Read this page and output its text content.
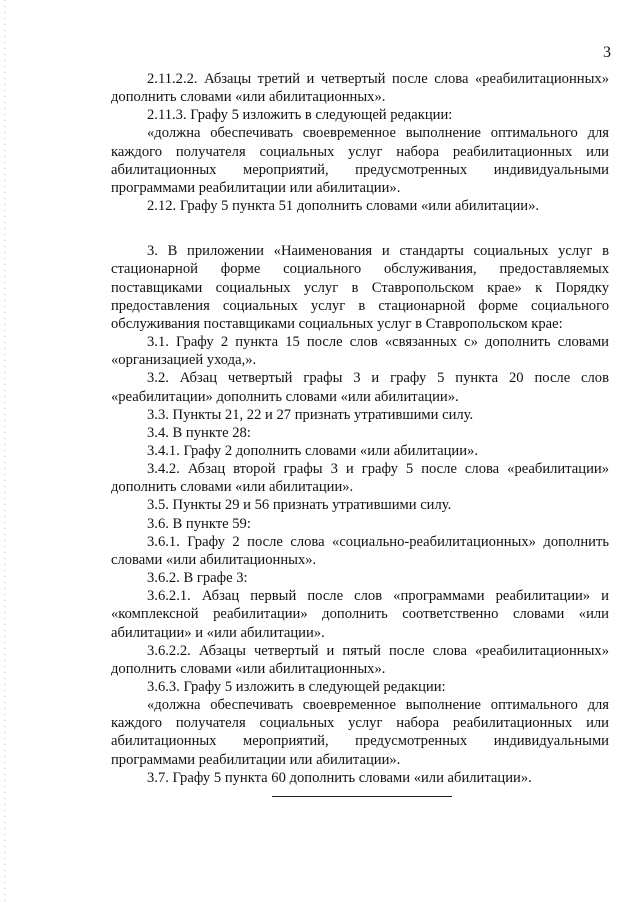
3

2.11.2.2. Абзацы третий и четвертый после слова «реабилитационных» дополнить словами «или абилитационных».

2.11.3. Графу 5 изложить в следующей редакции:

«должна обеспечивать своевременное выполнение оптимального для каждого получателя социальных услуг набора реабилитационных или абилитационных мероприятий, предусмотренных индивидуальными программами реабилитации или абилитации».

2.12. Графу 5 пункта 51 дополнить словами «или абилитации».

3. В приложении «Наименования и стандарты социальных услуг в стационарной форме социального обслуживания, предоставляемых поставщиками социальных услуг в Ставропольском крае» к Порядку предоставления социальных услуг в стационарной форме социального обслуживания поставщиками социальных услуг в Ставропольском крае:

3.1. Графу 2 пункта 15 после слов «связанных с» дополнить словами «организацией ухода,».

3.2. Абзац четвертый графы 3 и графу 5 пункта 20 после слов «реабилитации» дополнить словами «или абилитации».

3.3. Пункты 21, 22 и 27 признать утратившими силу.

3.4. В пункте 28:

3.4.1. Графу 2 дополнить словами «или абилитации».

3.4.2. Абзац второй графы 3 и графу 5 после слова «реабилитации» дополнить словами «или абилитации».

3.5. Пункты 29 и 56 признать утратившими силу.

3.6. В пункте 59:

3.6.1. Графу 2 после слова «социально-реабилитационных» дополнить словами «или абилитационных».

3.6.2. В графе 3:

3.6.2.1. Абзац первый после слов «программами реабилитации» и «комплексной реабилитации» дополнить соответственно словами «или абилитации» и «или абилитации».

3.6.2.2. Абзацы четвертый и пятый после слова «реабилитационных» дополнить словами «или абилитационных».

3.6.3. Графу 5 изложить в следующей редакции:

«должна обеспечивать своевременное выполнение оптимального для каждого получателя социальных услуг набора реабилитационных или абилитационных мероприятий, предусмотренных индивидуальными программами реабилитации или абилитации».

3.7. Графу 5 пункта 60 дополнить словами «или абилитации».
